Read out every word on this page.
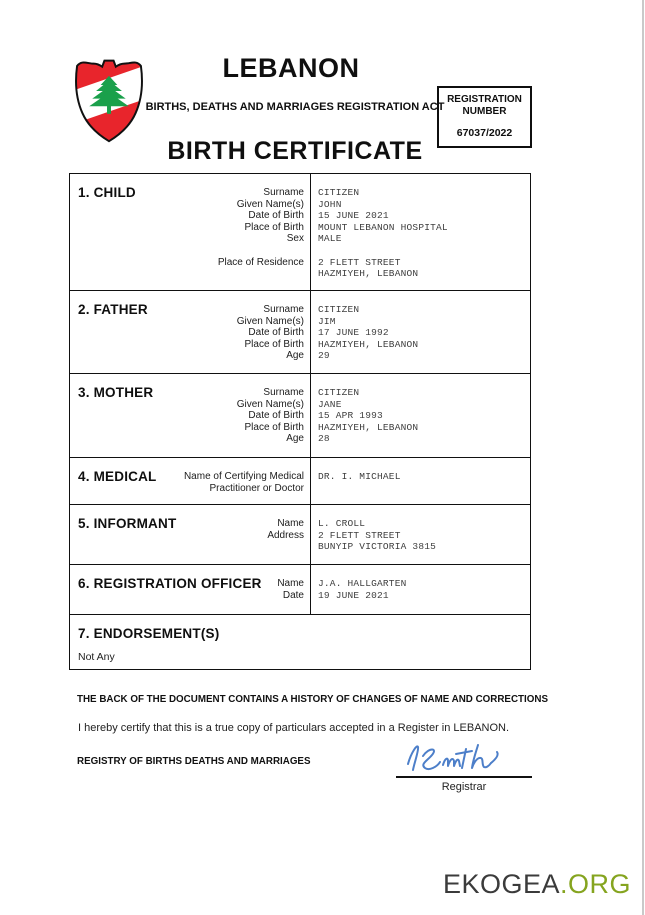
LEBANON
BIRTHS, DEATHS AND MARRIAGES REGISTRATION ACT
BIRTH CERTIFICATE
REGISTRATION
NUMBER
67037/2022
1. CHILD	Surname	CITIZEN
Given Name(s)	JOHN
Date of Birth	15 JUNE 2021
Place of Birth	MOUNT LEBANON HOSPITAL
Sex	MALE
Place of Residence	2 FLETT STREET
HAZMIYEH, LEBANON
2. FATHER	Surname	CITIZEN
Given Name(s)	JIM
Date of Birth	17 JUNE 1992
Place of Birth	HAZMIYEH, LEBANON
Age	29
3. MOTHER	Surname	CITIZEN
Given Name(s)	JANE
Date of Birth	15 APR 1993
Place of Birth	HAZMIYEH, LEBANON
Age	28
4. MEDICAL	Name of Certifying Medical	DR. I. MICHAEL
Practitioner or Doctor
5. INFORMANT	Name	L. CROLL
Address	2 FLETT STREET
BUNYIP VICTORIA 3815
6. REGISTRATION OFFICER	Name	J.A. HALLGARTEN
Date	19 JUNE 2021
7. ENDORSEMENT(S)
Not Any
THE BACK OF THE DOCUMENT CONTAINS A HISTORY OF CHANGES OF NAME AND CORRECTIONS
I hereby certify that this is a true copy of particulars accepted in a Register in LEBANON.
REGISTRY OF BIRTHS DEATHS AND MARRIAGES
Registrar
EKOGEA.ORG
